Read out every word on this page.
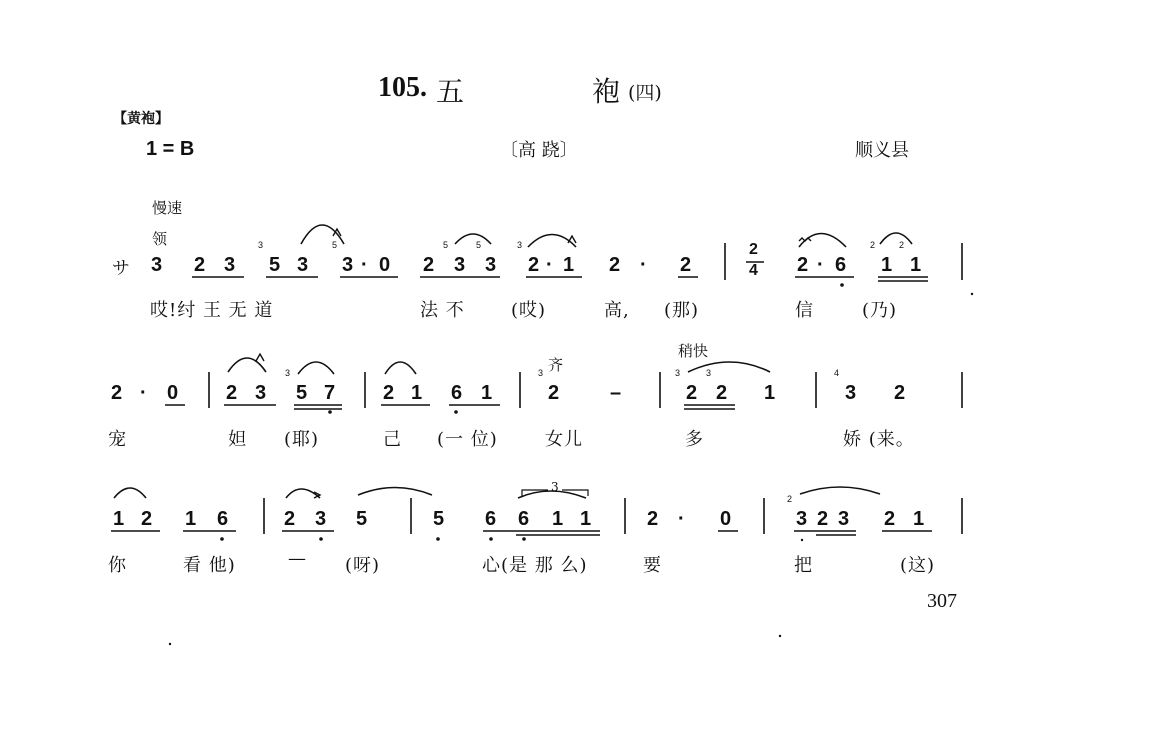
105. 五	袍 (四)
【黄袍】
1 = B	〔高 跷〕	顺义县
慢速
领
サ 3 2 3
3
5 3
5
3 · 0 2
5
3
5
3
3
2 · 1 2 · 2
2
4 2 · 6
2
1
2
1
哎!纣 王 无 道	法 不	(哎)	高, (那)	信	(乃)
齐
稍快
2 · 0 2 3
3
5 7 2 1 6 1
3
2	–
3
2
3
2 1
4
3 2
宠	妲 (耶)	己 (一 位)	女儿	多	娇 (来。
3
1 2 1 6	2 3 5	5 6 6 1 1	2 · 0
2
3 2 3 2 1
你	看 他)	— (呀)	心(是 那 么)	要	把	(这)
307
